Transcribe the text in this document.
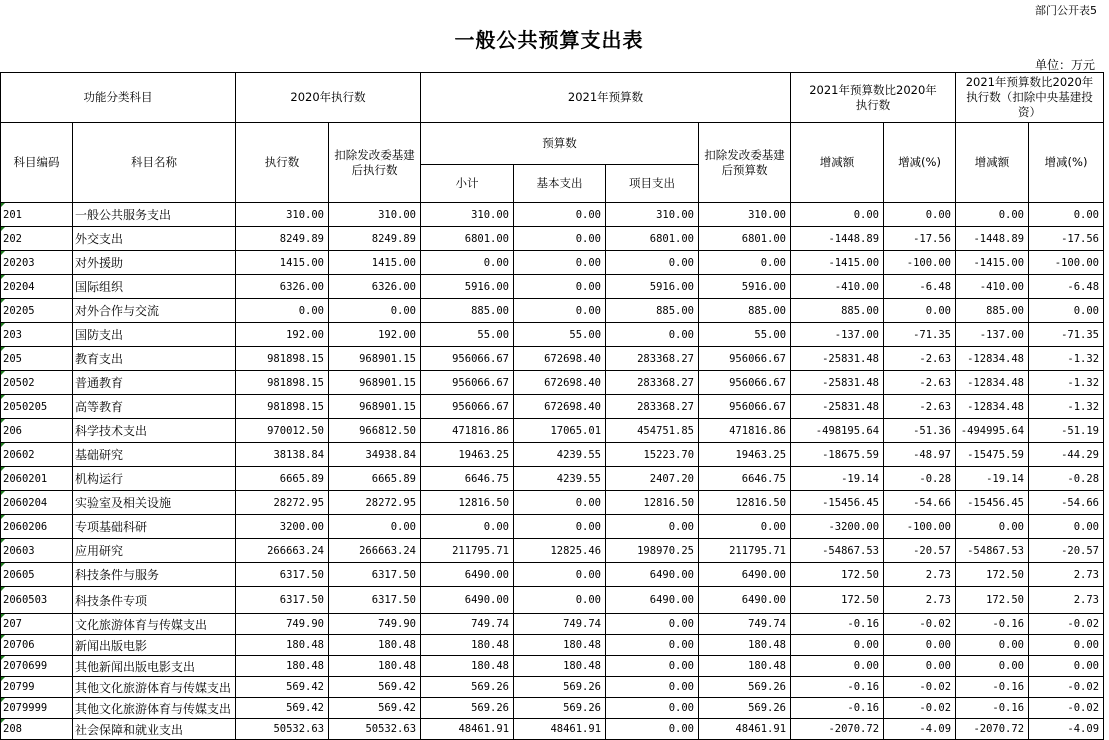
部门公开表5
一般公共预算支出表
单位：万元
功能分类科目		2020年执行数		2021年预算数				2021年预算数比2020年执行数		2021年预算数比2020年执行数（扣除中央基建投资）	
科目编码	科目名称	执行数	扣除发改委基建后执行数	预算数			扣除发改委基建后预算数	增减额	增减(%)	增减额	增减(%)
				小计	基本支出	项目支出					
201	一般公共服务支出	310.00	310.00	310.00	0.00	310.00	310.00	0.00	0.00	0.00	0.00
202	外交支出	8249.89	8249.89	6801.00	0.00	6801.00	6801.00	-1448.89	-17.56	-1448.89	-17.56
20203	对外援助	1415.00	1415.00	0.00	0.00	0.00	0.00	-1415.00	-100.00	-1415.00	-100.00
20204	国际组织	6326.00	6326.00	5916.00	0.00	5916.00	5916.00	-410.00	-6.48	-410.00	-6.48
20205	对外合作与交流	0.00	0.00	885.00	0.00	885.00	885.00	885.00	0.00	885.00	0.00
203	国防支出	192.00	192.00	55.00	55.00	0.00	55.00	-137.00	-71.35	-137.00	-71.35
205	教育支出	981898.15	968901.15	956066.67	672698.40	283368.27	956066.67	-25831.48	-2.63	-12834.48	-1.32
20502	普通教育	981898.15	968901.15	956066.67	672698.40	283368.27	956066.67	-25831.48	-2.63	-12834.48	-1.32
2050205	高等教育	981898.15	968901.15	956066.67	672698.40	283368.27	956066.67	-25831.48	-2.63	-12834.48	-1.32
206	科学技术支出	970012.50	966812.50	471816.86	17065.01	454751.85	471816.86	-498195.64	-51.36	-494995.64	-51.19
20602	基础研究	38138.84	34938.84	19463.25	4239.55	15223.70	19463.25	-18675.59	-48.97	-15475.59	-44.29
2060201	机构运行	6665.89	6665.89	6646.75	4239.55	2407.20	6646.75	-19.14	-0.28	-19.14	-0.28
2060204	实验室及相关设施	28272.95	28272.95	12816.50	0.00	12816.50	12816.50	-15456.45	-54.66	-15456.45	-54.66
2060206	专项基础科研	3200.00	0.00	0.00	0.00	0.00	0.00	-3200.00	-100.00	0.00	0.00
20603	应用研究	266663.24	266663.24	211795.71	12825.46	198970.25	211795.71	-54867.53	-20.57	-54867.53	-20.57
20605	科技条件与服务	6317.50	6317.50	6490.00	0.00	6490.00	6490.00	172.50	2.73	172.50	2.73
2060503	科技条件专项	6317.50	6317.50	6490.00	0.00	6490.00	6490.00	172.50	2.73	172.50	2.73
207	文化旅游体育与传媒支出	749.90	749.90	749.74	749.74	0.00	749.74	-0.16	-0.02	-0.16	-0.02
20706	新闻出版电影	180.48	180.48	180.48	180.48	0.00	180.48	0.00	0.00	0.00	0.00
2070699	其他新闻出版电影支出	180.48	180.48	180.48	180.48	0.00	180.48	0.00	0.00	0.00	0.00
20799	其他文化旅游体育与传媒支出	569.42	569.42	569.26	569.26	0.00	569.26	-0.16	-0.02	-0.16	-0.02
2079999	其他文化旅游体育与传媒支出	569.42	569.42	569.26	569.26	0.00	569.26	-0.16	-0.02	-0.16	-0.02
208	社会保障和就业支出	50532.63	50532.63	48461.91	48461.91	0.00	48461.91	-2070.72	-4.09	-2070.72	-4.09
